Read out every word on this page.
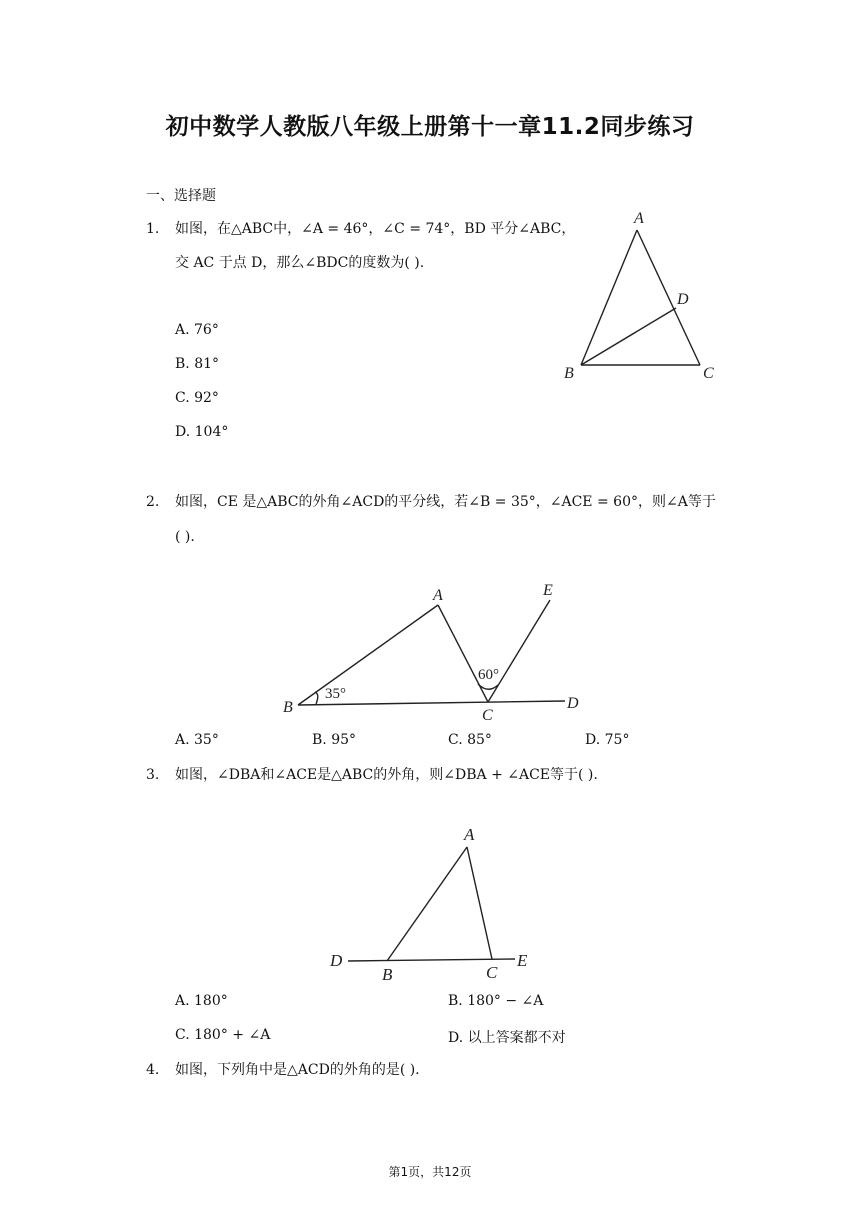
初中数学人教版八年级上册第十一章11.2同步练习
一、选择题
1. 如图，在△ABC中，∠A = 46°，∠C = 74°，BD 平分∠ABC，
交 AC 于点 D，那么∠BDC的度数为( ).
A. 76°
B. 81°
C. 92°
D. 104°
A
B	C
D
2. 如图，CE 是△ABC的外角∠ACD的平分线，若∠B = 35°，∠ACE = 60°，则∠A等于
( ).
A
B	C
D
E
35°
60°
A. 35°	B. 95°	C. 85°	D. 75°
3. 如图，∠DBA和∠ACE是△ABC的外角，则∠DBA + ∠ACE等于( ).
A
B	C
D	E
A. 180°	B. 180° − ∠A
C. 180° + ∠A	D. 以上答案都不对
4. 如图，下列角中是△ACD的外角的是( ).
第1页，共12页
